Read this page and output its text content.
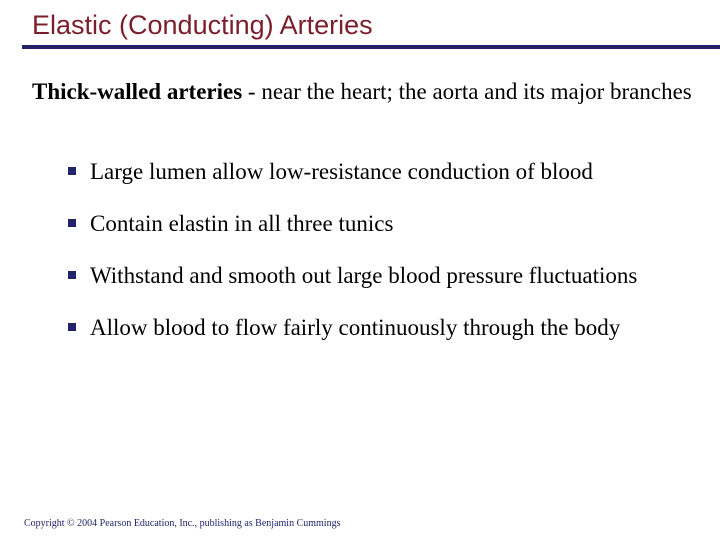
Elastic (Conducting) Arteries
Thick-walled arteries - near the heart; the aorta and its major branches
Large lumen allow low-resistance conduction of blood
Contain elastin in all three tunics
Withstand and smooth out large blood pressure fluctuations
Allow blood to flow fairly continuously through the body
Copyright © 2004 Pearson Education, Inc., publishing as Benjamin Cummings
